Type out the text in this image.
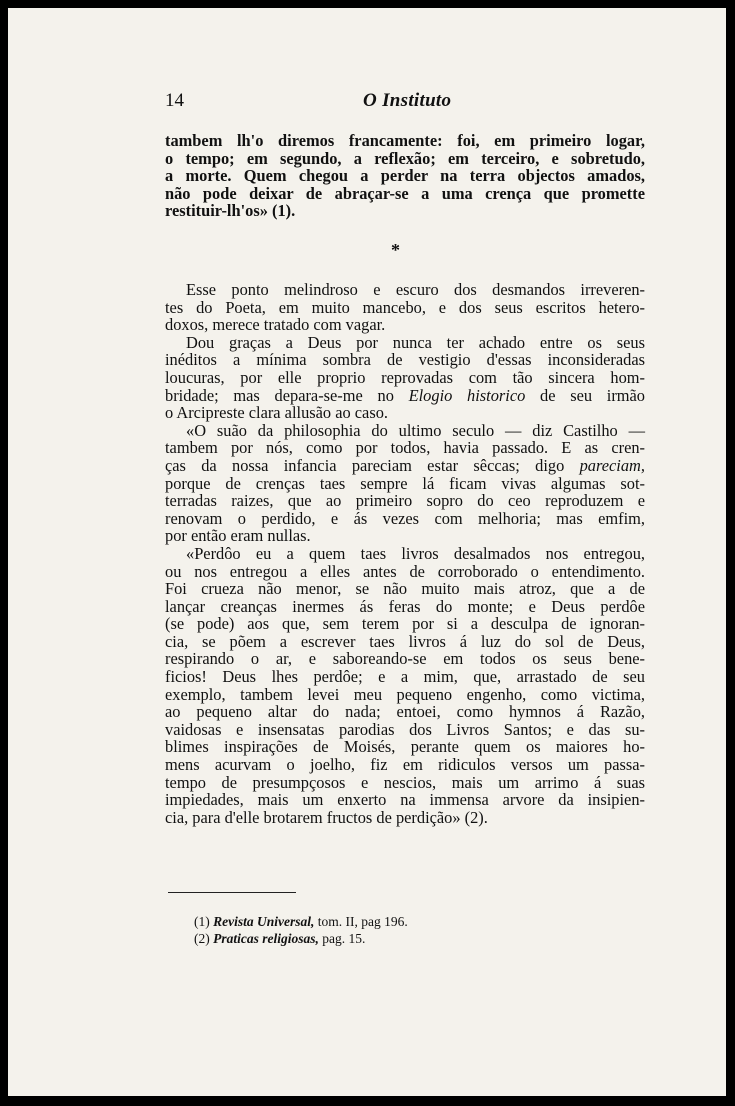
14	O Instituto
tambem lh'o diremos francamente: foi, em primeiro logar,
o tempo; em segundo, a reflexão; em terceiro, e sobretudo,
a morte. Quem chegou a perder na terra objectos amados,
não pode deixar de abraçar-se a uma crença que promette
restituir-lh'os» (1).
*
Esse ponto melindroso e escuro dos desmandos irreveren-
tes do Poeta, em muito mancebo, e dos seus escritos hetero-
doxos, merece tratado com vagar.
Dou graças a Deus por nunca ter achado entre os seus
inéditos a mínima sombra de vestigio d'essas inconsideradas
loucuras, por elle proprio reprovadas com tão sincera hom-
bridade; mas depara-se-me no Elogio historico de seu irmão
o Arcipreste clara allusão ao caso.
«O suão da philosophia do ultimo seculo — diz Castilho —
tambem por nós, como por todos, havia passado. E as cren-
ças da nossa infancia pareciam estar sêccas; digo pareciam,
porque de crenças taes sempre lá ficam vivas algumas sot-
terradas raizes, que ao primeiro sopro do ceo reproduzem e
renovam o perdido, e ás vezes com melhoria; mas emfim,
por então eram nullas.
«Perdôo eu a quem taes livros desalmados nos entregou,
ou nos entregou a elles antes de corroborado o entendimento.
Foi crueza não menor, se não muito mais atroz, que a de
lançar creanças inermes ás feras do monte; e Deus perdôe
(se pode) aos que, sem terem por si a desculpa de ignoran-
cia, se põem a escrever taes livros á luz do sol de Deus,
respirando o ar, e saboreando-se em todos os seus bene-
ficios! Deus lhes perdôe; e a mim, que, arrastado de seu
exemplo, tambem levei meu pequeno engenho, como victima,
ao pequeno altar do nada; entoei, como hymnos á Razão,
vaidosas e insensatas parodias dos Livros Santos; e das su-
blimes inspirações de Moisés, perante quem os maiores ho-
mens acurvam o joelho, fiz em ridiculos versos um passa-
tempo de presumpçosos e nescios, mais um arrimo á suas
impiedades, mais um enxerto na immensa arvore da insipien-
cia, para d'elle brotarem fructos de perdição» (2).
(1) Revista Universal, tom. II, pag 196.
(2) Praticas religiosas, pag. 15.
